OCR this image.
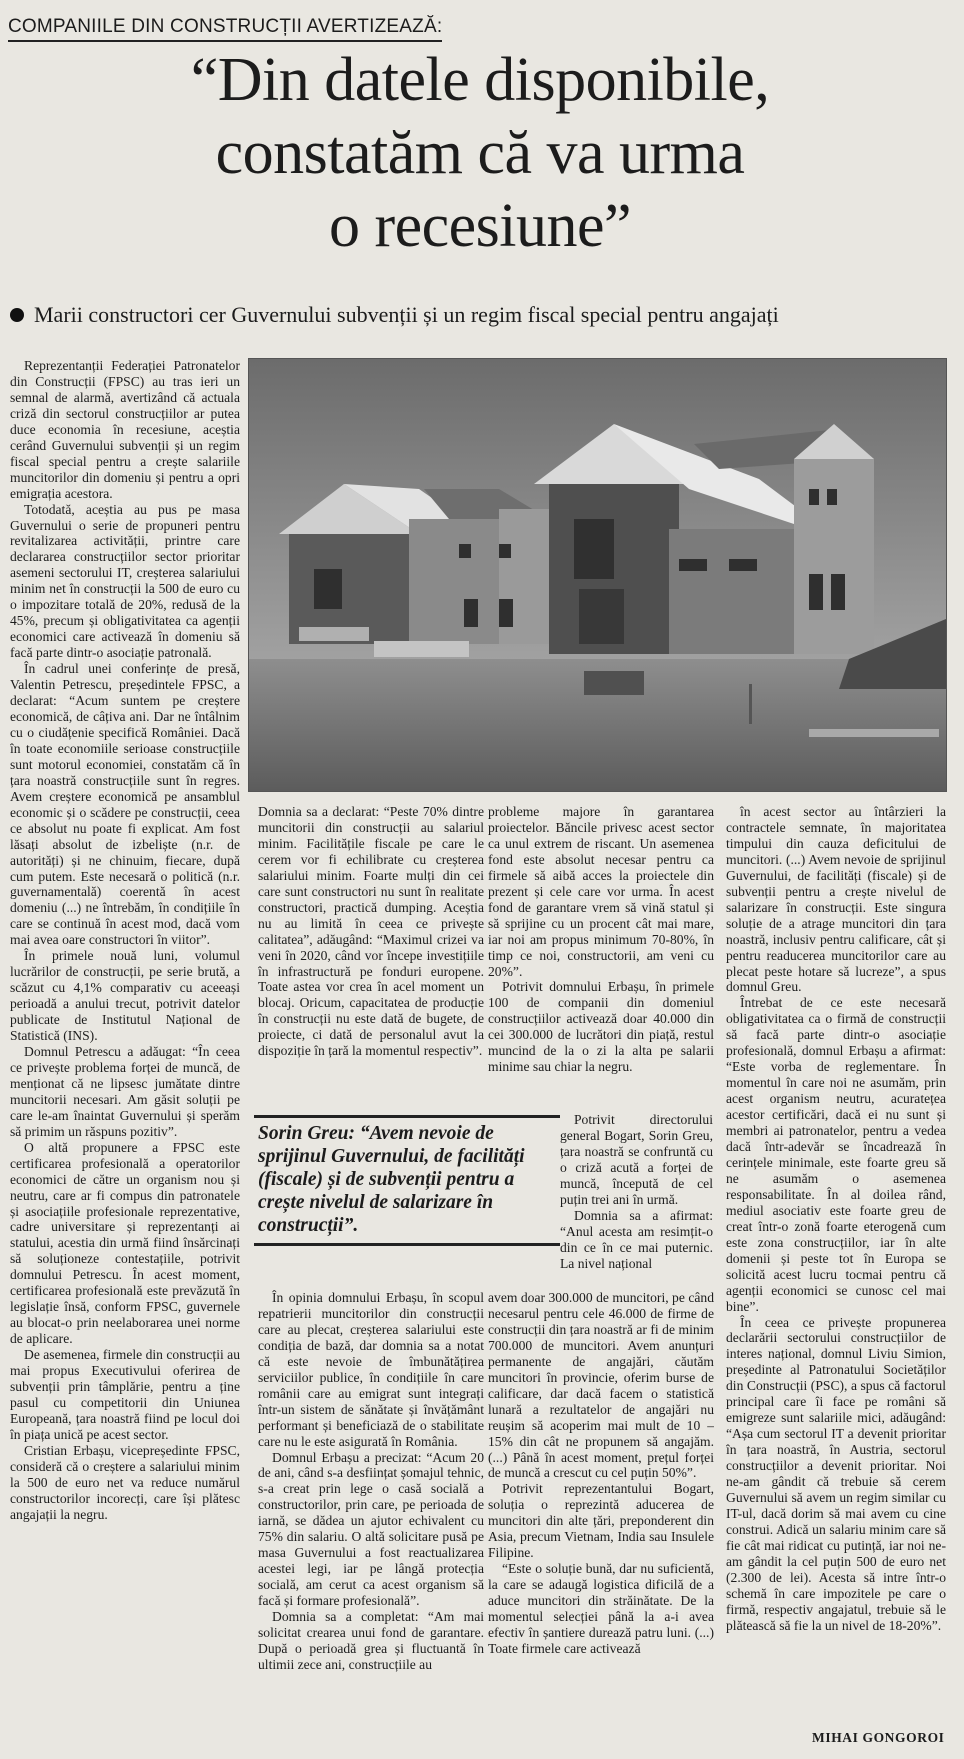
COMPANIILE DIN CONSTRUCȚII AVERTIZEAZĂ:
“Din datele disponibile,
constatăm că va urma
o recesiune”
Marii constructori cer Guvernului subvenții și un regim fiscal special pentru angajați

Reprezentanții Federației Patronatelor din Construcții (FPSC) au tras ieri un semnal de alarmă, avertizând că actuala criză din sectorul construcțiilor ar putea duce economia în recesiune, aceștia cerând Guvernului subvenții și un regim fiscal special pentru a crește salariile muncitorilor din domeniu și pentru a opri emigrația acestora.

Totodată, aceștia au pus pe masa Guvernului o serie de propuneri pentru revitalizarea activității, printre care declararea construcțiilor sector prioritar asemeni sectorului IT, creșterea salariului minim net în construcții la 500 de euro cu o impozitare totală de 20%, redusă de la 45%, precum și obligativitatea ca agenții economici care activează în domeniu să facă parte dintr-o asociație patronală.

În cadrul unei conferințe de presă, Valentin Petrescu, președintele FPSC, a declarat: “Acum suntem pe creștere economică, de câțiva ani. Dar ne întâlnim cu o ciudățenie specifică României. Dacă în toate economiile serioase construcțiile sunt motorul economiei, constatăm că în țara noastră construcțiile sunt în regres. Avem creștere economică pe ansamblul economic și o scădere pe construcții, ceea ce absolut nu poate fi explicat. Am fost lăsați absolut de izbeliște (n.r. de autorități) și ne chinuim, fiecare, după cum putem. Este necesară o politică (n.r. guvernamentală) coerentă în acest domeniu (...) ne întrebăm, în condițiile în care se continuă în acest mod, dacă vom mai avea oare constructori în viitor”.

În primele nouă luni, volumul lucrărilor de construcții, pe serie brută, a scăzut cu 4,1% comparativ cu aceeași perioadă a anului trecut, potrivit datelor publicate de Institutul Național de Statistică (INS).

Domnul Petrescu a adăugat: “În ceea ce privește problema forței de muncă, de menționat că ne lipsesc jumătate dintre muncitorii necesari. Am găsit soluții pe care le-am înaintat Guvernului și sperăm să primim un răspuns pozitiv”.

O altă propunere a FPSC este certificarea profesională a operatorilor economici de către un organism nou și neutru, care ar fi compus din patronatele și asociațiile profesionale reprezentative, cadre universitare și reprezentanți ai statului, acestia din urmă fiind însărcinați să soluționeze contestațiile, potrivit domnului Petrescu. În acest moment, certificarea profesională este prevăzută în legislație însă, conform FPSC, guvernele au blocat-o prin neelaborarea unei norme de aplicare.

De asemenea, firmele din construcții au mai propus Executivului oferirea de subvenții prin tâmplărie, pentru a ține pasul cu competitorii din Uniunea Europeană, țara noastră fiind pe locul doi în piața unică pe acest sector.

Cristian Erbașu, vicepreședinte FPSC, consideră că o creștere a salariului minim la 500 de euro net va reduce numărul constructorilor incorecți, care își plătesc angajații la negru.

Domnia sa a declarat: “Peste 70% dintre muncitorii din construcții au salariul minim. Facilitățile fiscale pe care le cerem vor fi echilibrate cu creșterea salariului minim. Foarte mulți din cei care sunt constructori nu sunt în realitate constructori, practică dumping. Aceștia nu au limită în ceea ce privește calitatea”, adăugând: “Maximul crizei va veni în 2020, când vor începe investițiile în infrastructură pe fonduri europene. Toate astea vor crea în acel moment un blocaj. Oricum, capacitatea de producție în construcții nu este dată de bugete, de proiecte, ci dată de personalul avut la dispoziție în țară la momentul respectiv”.

probleme majore în garantarea proiectelor. Băncile privesc acest sector ca unul extrem de riscant. Un asemenea fond este absolut necesar pentru ca firmele să aibă acces la proiectele din prezent și cele care vor urma. În acest fond de garantare vrem să vină statul și să sprijine cu un procent cât mai mare, iar noi am propus minimum 70-80%, în timp ce noi, constructorii, am veni cu 20%”.

Potrivit domnului Erbașu, în primele 100 de companii din domeniul construcțiilor activează doar 40.000 din cei 300.000 de lucrători din piață, restul muncind de la o zi la alta pe salarii minime sau chiar la negru.

Sorin Greu: “Avem nevoie de sprijinul Guvernului, de facilități (fiscale) și de subvenții pentru a crește nivelul de salarizare în construcții”.

Potrivit directorului general Bogart, Sorin Greu, țara noastră se confruntă cu o criză acută a forței de muncă, începută de cel puțin trei ani în urmă.

Domnia sa a afirmat: “Anul acesta am resimțit-o din ce în ce mai puternic. La nivel național

În opinia domnului Erbașu, în scopul repatrierii muncitorilor din construcții care au plecat, creșterea salariului este condiția de bază, dar domnia sa a notat că este nevoie de îmbunătățirea serviciilor publice, în condițiile în care românii care au emigrat sunt integrați într-un sistem de sănătate și învățământ performant și beneficiază de o stabilitate care nu le este asigurată în România.

Domnul Erbașu a precizat: “Acum 20 de ani, când s-a desființat șomajul tehnic, s-a creat prin lege o casă socială a constructorilor, prin care, pe perioada de iarnă, se dădea un ajutor echivalent cu 75% din salariu. O altă solicitare pusă pe masa Guvernului a fost reactualizarea acestei legi, iar pe lângă protecția socială, am cerut ca acest organism să facă și formare profesională”.

Domnia sa a completat: “Am mai solicitat crearea unui fond de garantare. După o perioadă grea și fluctuantă în ultimii zece ani, construcțiile au

avem doar 300.000 de muncitori, pe când necesarul pentru cele 46.000 de firme de construcții din țara noastră ar fi de minim 700.000 de muncitori. Avem anunțuri permanente de angajări, căutăm muncitori în provincie, oferim burse de calificare, dar dacă facem o statistică lunară a rezultatelor de angajări nu reușim să acoperim mai mult de 10 – 15% din cât ne propunem să angajăm. (...) Până în acest moment, prețul forței de muncă a crescut cu cel puțin 50%”.

Potrivit reprezentantului Bogart, soluția o reprezintă aducerea de muncitori din alte țări, preponderent din Asia, precum Vietnam, India sau Insulele Filipine.

“Este o soluție bună, dar nu suficientă, la care se adaugă logistica dificilă de a aduce muncitori din străinătate. De la momentul selecției până la a-i avea efectiv în șantiere durează patru luni. (...) Toate firmele care activează

în acest sector au întârzieri la contractele semnate, în majoritatea timpului din cauza deficitului de muncitori. (...) Avem nevoie de sprijinul Guvernului, de facilități (fiscale) și de subvenții pentru a crește nivelul de salarizare în construcții. Este singura soluție de a atrage muncitori din țara noastră, inclusiv pentru calificare, cât și pentru readucerea muncitorilor care au plecat peste hotare să lucreze”, a spus domnul Greu.

Întrebat de ce este necesară obligativitatea ca o firmă de construcții să facă parte dintr-o asociație profesională, domnul Erbașu a afirmat: “Este vorba de reglementare. În momentul în care noi ne asumăm, prin acest organism neutru, acuratețea acestor certificări, dacă ei nu sunt și membri ai patronatelor, pentru a vedea dacă într-adevăr se încadrează în cerințele minimale, este foarte greu să ne asumăm o asemenea responsabilitate. În al doilea rând, mediul asociativ este foarte greu de creat într-o zonă foarte eterogenă cum este zona construcțiilor, iar în alte domenii și peste tot în Europa se solicită acest lucru tocmai pentru că agenții economici se cunosc cel mai bine”.

În ceea ce privește propunerea declarării sectorului construcțiilor de interes național, domnul Liviu Simion, președinte al Patronatului Societăților din Construcții (PSC), a spus că factorul principal care îi face pe români să emigreze sunt salariile mici, adăugând: “Așa cum sectorul IT a devenit prioritar în țara noastră, în Austria, sectorul construcțiilor a devenit prioritar. Noi ne-am gândit că trebuie să cerem Guvernului să avem un regim similar cu IT-ul, dacă dorim să mai avem cu cine construi. Adică un salariu minim care să fie cât mai ridicat cu putință, iar noi ne-am gândit la cel puțin 500 de euro net (2.300 de lei). Acesta să intre într-o schemă în care impozitele pe care o firmă, respectiv angajatul, trebuie să le plătească să fie la un nivel de 18-20%”.

MIHAI GONGOROI
